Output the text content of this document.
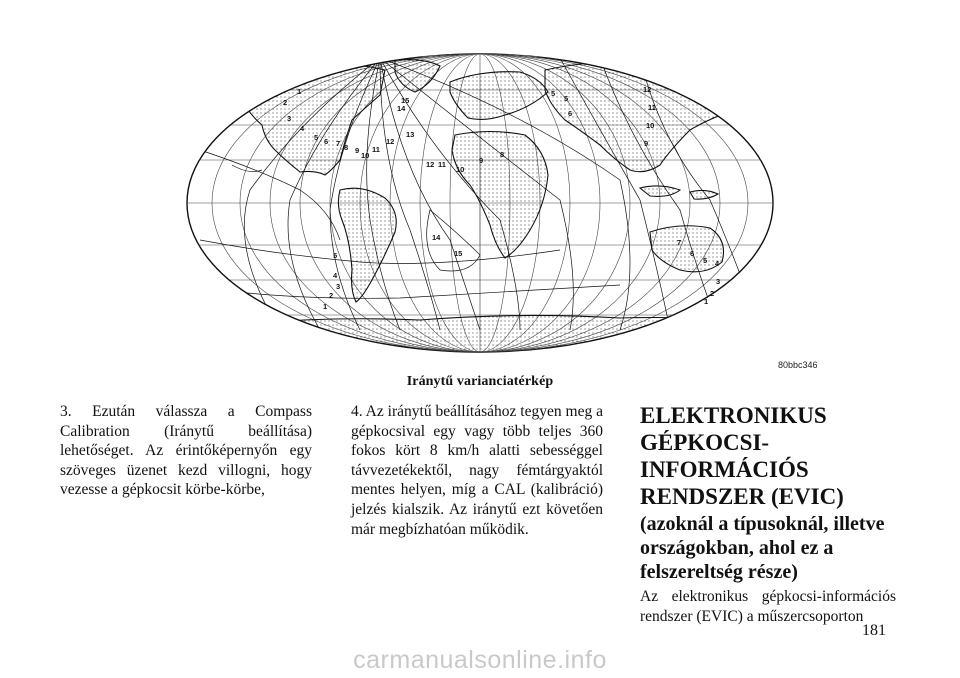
1
2
3
4
5 6 7 8 9
10
11
12
13
14
15
12 11
10
9
8
5
5
6
12
11
10
9
14
15
5
4
3
2
1
7
6
5 4
3
2
1
80bbc346
Iránytű varianciatérkép
3. Ezután válassza a Compass Calibration (Iránytű beállítása) lehetőséget. Az érintőképernyőn egy szöveges üzenet kezd villogni, hogy vezesse a gépkocsit körbe-körbe,
4. Az iránytű beállításához tegyen meg a gépkocsival egy vagy több teljes 360 fokos kört 8 km/h alatti sebességgel távvezetékektől, nagy fémtárgyaktól mentes helyen, míg a CAL (kalibráció) jelzés kialszik. Az iránytű ezt követően már megbízhatóan működik.
ELEKTRONIKUS GÉPKOCSI-INFORMÁCIÓS RENDSZER (EVIC)
(azoknál a típusoknál, illetve országokban, ahol ez a felszereltség része)
Az elektronikus gépkocsi-információs rendszer (EVIC) a műszercsoporton
181
carmanualsonline.info
